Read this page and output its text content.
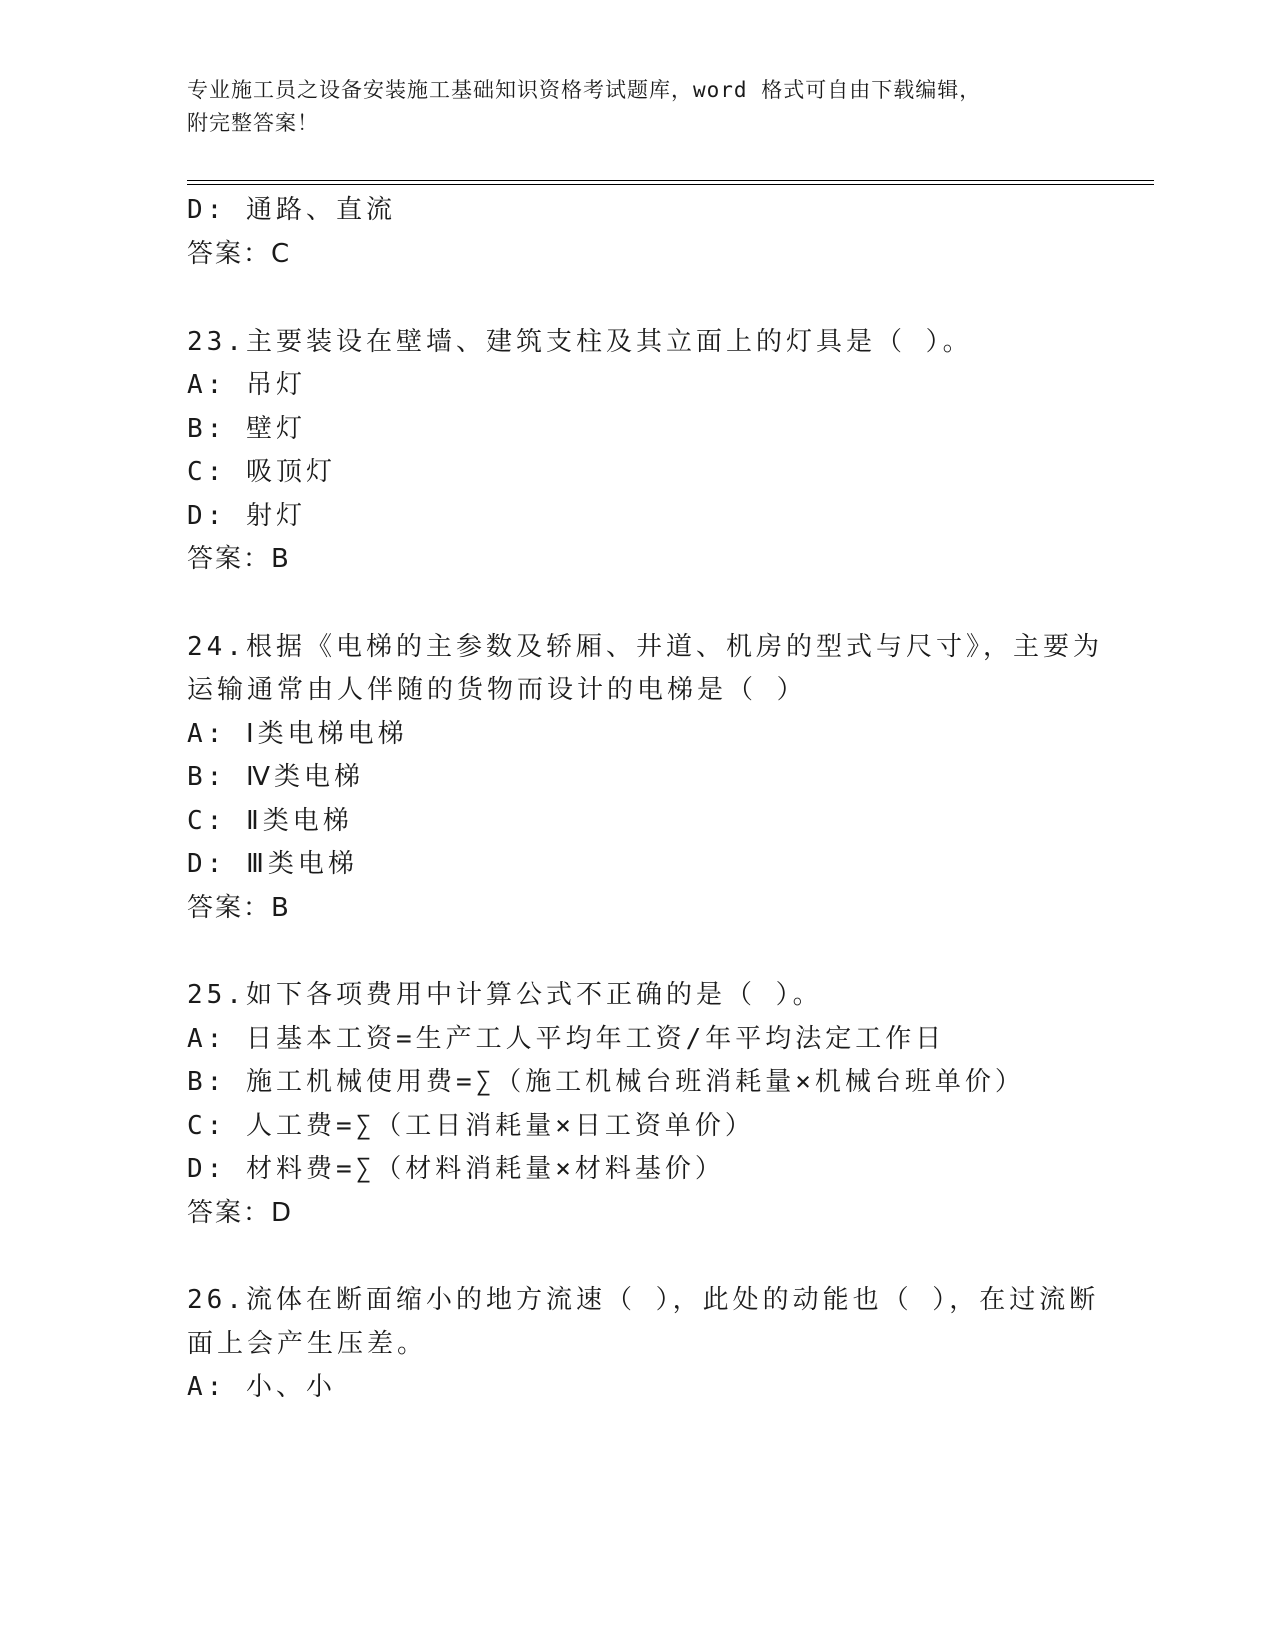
专业施工员之设备安装施工基础知识资格考试题库，word 格式可自由下载编辑，
附完整答案！
D: 通路、直流
答案：C
23.主要装设在壁墙、建筑支柱及其立面上的灯具是（ ）。
A: 吊灯
B: 壁灯
C: 吸顶灯
D: 射灯
答案：B
24.根据《电梯的主参数及轿厢、井道、机房的型式与尺寸》，主要为
运输通常由人伴随的货物而设计的电梯是（ ）
A: Ⅰ类电梯电梯
B: Ⅳ类电梯
C: Ⅱ类电梯
D: Ⅲ类电梯
答案：B
25.如下各项费用中计算公式不正确的是（ ）。
A: 日基本工资=生产工人平均年工资/年平均法定工作日
B: 施工机械使用费=∑（施工机械台班消耗量×机械台班单价）
C: 人工费=∑（工日消耗量×日工资单价）
D: 材料费=∑（材料消耗量×材料基价）
答案：D
26.流体在断面缩小的地方流速（ ），此处的动能也（ ），在过流断
面上会产生压差。
A: 小、小
